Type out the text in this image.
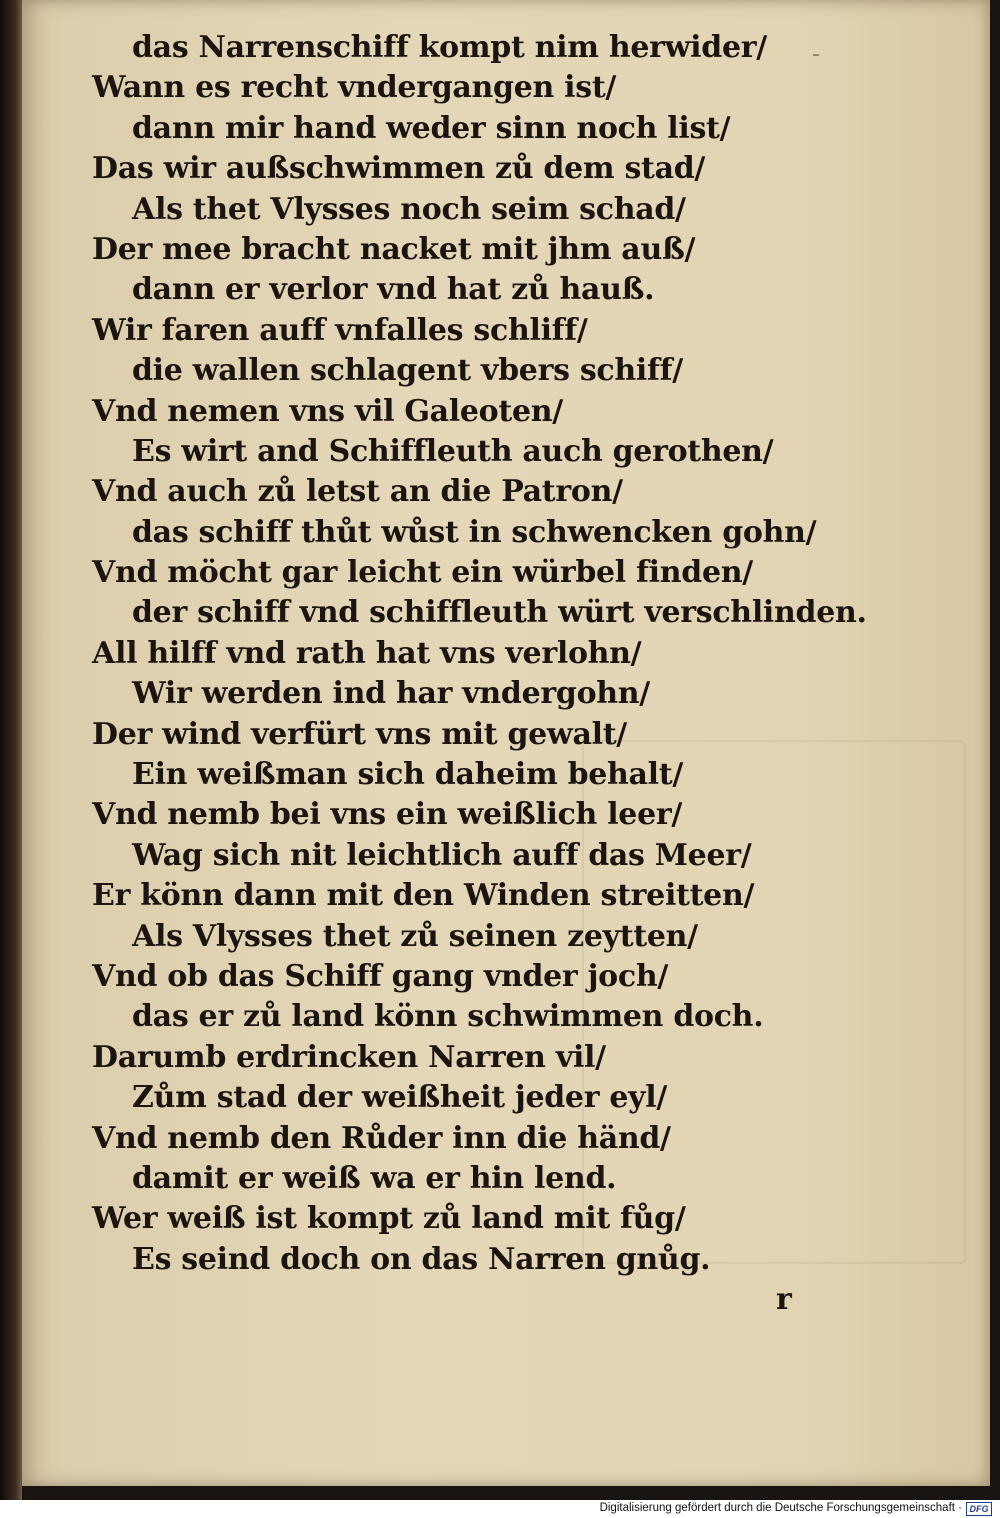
-
das Narrenschiff kompt nim herwider/
Wann es recht vndergangen ist/
dann mir hand weder sinn noch list/
Das wir außschwimmen zů dem stad/
Als thet Vlysses noch seim schad/
Der mee bracht nacket mit jhm auß/
dann er verlor vnd hat zů hauß.
Wir faren auff vnfalles schliff/
die wallen schlagent vbers schiff/
Vnd nemen vns vil Galeoten/
Es wirt and Schiffleuth auch gerothen/
Vnd auch zů letst an die Patron/
das schiff thůt wůst in schwencken gohn/
Vnd möcht gar leicht ein würbel finden/
der schiff vnd schiffleuth würt verschlinden.
All hilff vnd rath hat vns verlohn/
Wir werden ind har vndergohn/
Der wind verfürt vns mit gewalt/
Ein weißman sich daheim behalt/
Vnd nemb bei vns ein weißlich leer/
Wag sich nit leichtlich auff das Meer/
Er könn dann mit den Winden streitten/
Als Vlysses thet zů seinen zeytten/
Vnd ob das Schiff gang vnder joch/
das er zů land könn schwimmen doch.
Darumb erdrincken Narren vil/
Zům stad der weißheit jeder eyl/
Vnd nemb den Růder inn die händ/
damit er weiß wa er hin lend.
Wer weiß ist kompt zů land mit fůg/
Es seind doch on das Narren gnůg.
r
Digitalisierung gefördert durch die Deutsche Forschungsgemeinschaft · DFG
